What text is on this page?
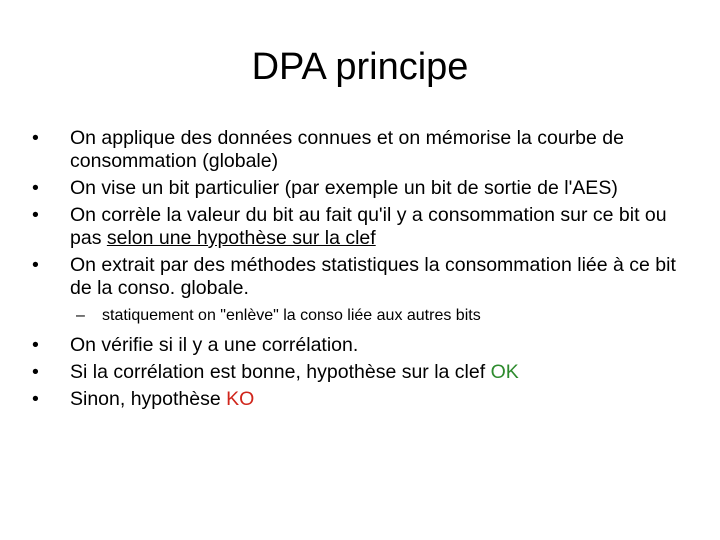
DPA principe
• On applique des données connues et on mémorise la courbe de consommation (globale)
• On vise un bit particulier (par exemple un bit de sortie de l'AES)
• On corrèle la valeur du bit au fait qu'il y a consommation sur ce bit ou pas selon une hypothèse sur la clef
• On extrait par des méthodes statistiques la consommation liée à ce bit de la conso. globale.
– statiquement on "enlève" la conso liée aux autres bits
• On vérifie si il y a une corrélation.
• Si la corrélation est bonne, hypothèse sur la clef OK
• Sinon, hypothèse KO
